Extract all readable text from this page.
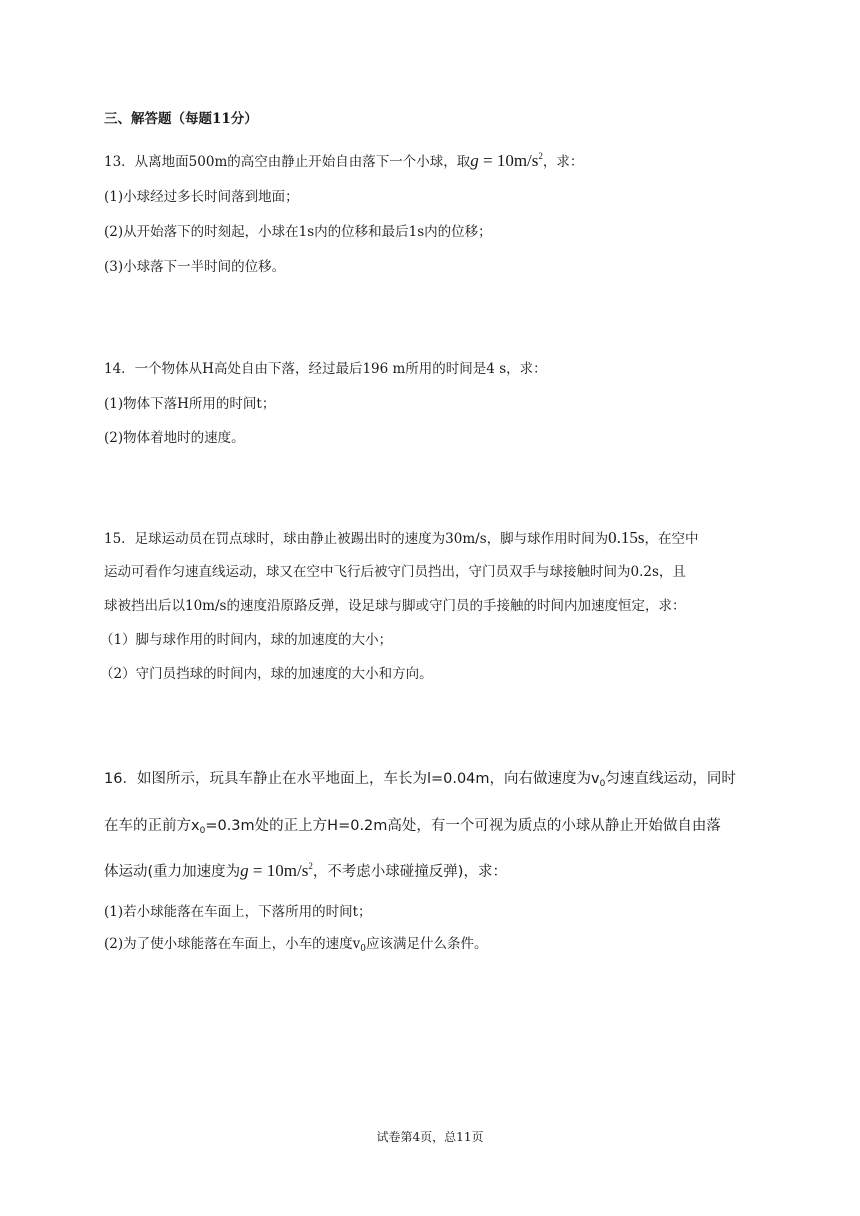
三、解答题（每题11分）
13．从离地面500m的高空由静止开始自由落下一个小球，取$g = 10m/s^2$，求：
(1)小球经过多长时间落到地面；
(2)从开始落下的时刻起，小球在1s内的位移和最后1s内的位移；
(3)小球落下一半时间的位移。
14．一个物体从H高处自由下落，经过最后196 m所用的时间是4 s，求：
(1)物体下落H所用的时间t；
(2)物体着地时的速度。
15．足球运动员在罚点球时，球由静止被踢出时的速度为30m/s，脚与球作用时间为0.15s，在空中
运动可看作匀速直线运动，球又在空中飞行后被守门员挡出，守门员双手与球接触时间为0.2s，且
球被挡出后以10m/s的速度沿原路反弹，设足球与脚或守门员的手接触的时间内加速度恒定，求：
（1）脚与球作用的时间内，球的加速度的大小；
（2）守门员挡球的时间内，球的加速度的大小和方向。
16．如图所示，玩具车静止在水平地面上，车长为l=0.04m，向右做速度为$v_0$匀速直线运动，同时
在车的正前方$x_0=0.3m$处的正上方H=0.2m高处，有一个可视为质点的小球从静止开始做自由落
体运动(重力加速度为$g = 10m/s^2$，不考虑小球碰撞反弹)，求：
(1)若小球能落在车面上，下落所用的时间t；
(2)为了使小球能落在车面上，小车的速度$v_0$应该满足什么条件。
试卷第4页，总11页
